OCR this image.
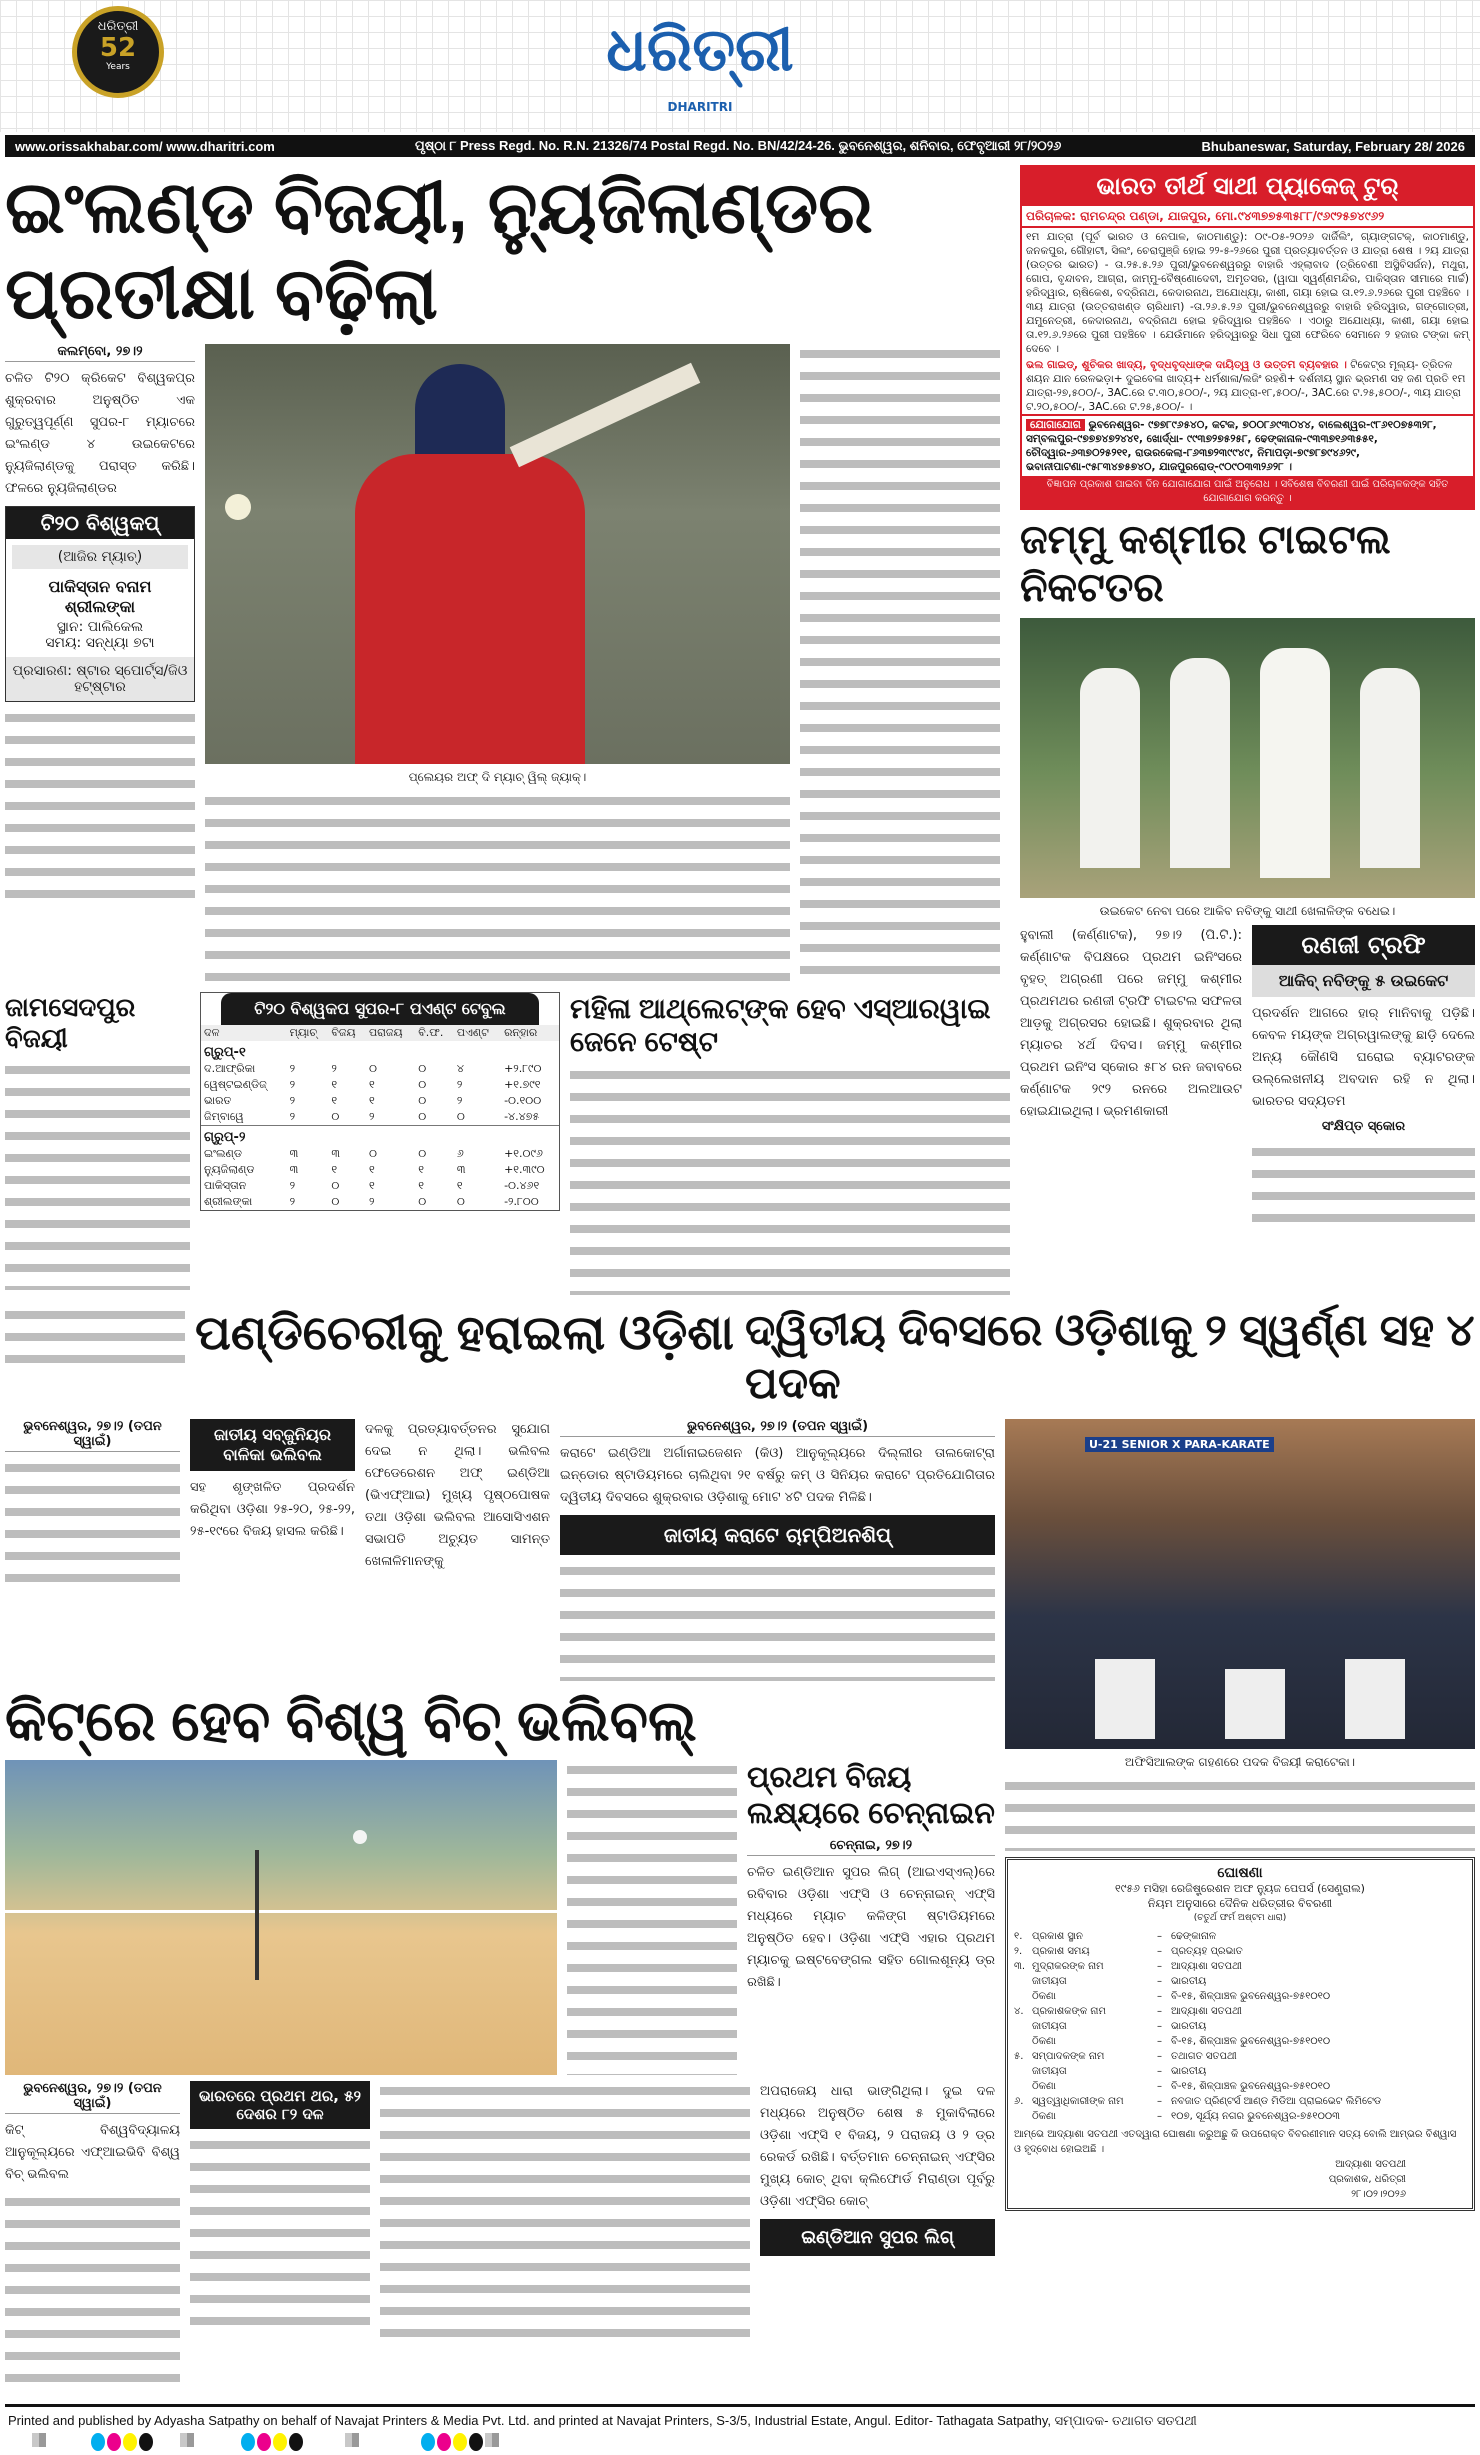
ଧରିତ୍ରୀ
52
Years	ଧରିତ୍ରୀ
DHARITRI
www.orissakhabar.com/ www.dharitri.com	ପୃଷ୍ଠା ୮ Press Regd. No. R.N. 21326/74 Postal Regd. No. BN/42/24-26. ଭୁବନେଶ୍ୱର, ଶନିବାର, ଫେବୃଆରୀ ୨୮/୨୦୨୬	Bhubaneswar, Saturday, February 28/ 2026
ଇଂଲଣ୍ଡ ବିଜୟୀ, ନ୍ୟୁଜିଲାଣ୍ଡର ପ୍ରତୀକ୍ଷା ବଢ଼ିଲା
କଲମ୍ବୋ, ୨୭।୨
ଚଳିତ ଟି୨୦ କ୍ରିକେଟ ବିଶ୍ୱକପ୍‌ର ଶୁକ୍ରବାର ଅନୁଷ୍ଠିତ ଏକ ଗୁରୁତ୍ୱପୂର୍ଣ୍ଣ ସୁପର-୮ ମ୍ୟାଚରେ ଇଂଲଣ୍ଡ ୪ ଉଇକେଟରେ ନ୍ୟୁଜିଲାଣ୍ଡକୁ ପରାସ୍ତ କରିଛି। ଫଳରେ ନ୍ୟୁଜିଲାଣ୍ଡର
ଟି୨୦ ବିଶ୍ୱକପ୍
(ଆଜିର ମ୍ୟାଚ୍)
ପାକିସ୍ତାନ ବନାମ ଶ୍ରୀଲଙ୍କା
ସ୍ଥାନ: ପାଲିକେଲ
ସମୟ: ସନ୍ଧ୍ୟା ୭ଟା
ପ୍ରସାରଣ: ଷ୍ଟାର ସ୍ପୋର୍ଟ୍ସ/ଜିଓ ହଟ୍‌ଷ୍ଟାର
ପ୍ଲେୟର ଅଫ୍ ଦି ମ୍ୟାଚ୍ ୱିଲ୍ ଜ୍ୟାକ୍।
ଜାମସେଦପୁର ବିଜୟୀ
ଟି୨୦ ବିଶ୍ୱକପ ସୁପର-୮ ପଏଣ୍ଟ ଟେବୁଲ
ଦଳ	ମ୍ୟାଚ୍	ବିଜୟ	ପରାଜୟ	ବି.ଫ.	ପଏଣ୍ଟ	ରନ୍‌ହାର
ଗ୍ରୁପ୍-୧						
ଦ.ଆଫ୍ରିକା	୨	୨	୦	୦	୪	+୨.୮୯୦
ୱେଷ୍ଟଇଣ୍ଡିଜ୍	୨	୧	୧	୦	୨	+୧.୭୯୧
ଭାରତ	୨	୧	୧	୦	୨	-୦.୧୦୦
ଜିମ୍ବାୱେ	୨	୦	୨	୦	୦	-୪.୪୭୫
ଗ୍ରୁପ୍-୨						
ଇଂଲଣ୍ଡ	୩	୩	୦	୦	୬	+୧.୦୯୬
ନ୍ୟୁଜିଲାଣ୍ଡ	୩	୧	୧	୧	୩	+୧.୩୯୦
ପାକିସ୍ତାନ	୨	୦	୧	୧	୧	-୦.୪୬୧
ଶ୍ରୀଲଙ୍କା	୨	୦	୨	୦	୦	-୨.୮୦୦
ମହିଳା ଆଥ୍‌ଲେଟ୍‌ଙ୍କ ହେବ ଏସ୍‌ଆରୱାଇ ଜେନେ ଟେଷ୍ଟ
ଭାରତ ତୀର୍ଥ ସାଥୀ ପ୍ୟାକେଜ୍ ଟୁର୍
ପରିଚାଳକ: ରାମଚନ୍ଦ୍ର ପଣ୍ଡା, ଯାଜପୁର, ମୋ.୯୪୩୭୭୫୩୫୮୮/୯୬୯୨୫୭୪୯୬୨
୧ମ ଯାତ୍ରା (ପୂର୍ବ ଭାରତ ଓ ନେପାଳ, କାଠମାଣ୍ଡୁ): ୦୯-୦୫-୨୦୨୬ ଦାର୍ଜିଲିଂ, ଗ୍ୟାଙ୍ଗଟକ୍, କାଠମାଣ୍ଡୁ, ଜନକପୁର, ଗୌହାଟୀ, ସିଲଂ, ଚେରାପୁଞ୍ଜି ହୋଇ ୨୨-୫-୨୬ରେ ପୁରୀ ପ୍ରତ୍ୟାବର୍ତ୍ତନ ଓ ଯାତ୍ରା ଶେଷ । ୨ୟ ଯାତ୍ରା (ଉତ୍ତର ଭାରତ) - ତା.୨୫.୫.୨୬ ପୁରୀ/ଭୁବନେଶ୍ୱରରୁ ବାହାରି ଏହ୍ଲାବାଦ (ତ୍ରିବେଣୀ ଅସ୍ଥିବିସର୍ଜନ), ମଥୁରା, ଗୋପ, ବୃନ୍ଦାବନ, ଆଗ୍ରା, ଜାମ୍ମୁ-ବୈଷ୍ଣୋଦେବୀ, ଅମୃତସର, (ୱାଘା ସ୍ୱର୍ଣ୍ଣମନ୍ଦିର, ପାକିସ୍ତାନ ସୀମାରେ ମାର୍ଚ୍ଚ) ହରିଦ୍ୱାର, ଋଷିକେଶ, ବଦ୍ରିନାଥ, କେଦାରନାଥ, ଅଯୋଧ୍ୟା, କାଶୀ, ଗୟା ହୋଇ ତା.୧୨.୬.୨୬ରେ ପୁରୀ ପହଞ୍ଚିବେ । ୩ୟ ଯାତ୍ରା (ଉତ୍ତରାଖଣ୍ଡ ଚାରିଧାମ) -ତା.୨୬.୫.୨୬ ପୁରୀ/ଭୁବନେଶ୍ୱରରୁ ବାହାରି ହରିଦ୍ୱାର, ଗଙ୍ଗୋତ୍ରୀ, ଯମୁନେତ୍ରୀ, କେଦାରନାଥ, ବଦ୍ରିନାଥ ହୋଇ ହରିଦ୍ୱାର ପହଞ୍ଚିବେ । ଏଠାରୁ ଅଯୋଧ୍ୟା, କାଶୀ, ଗୟା ହୋଇ ତା.୧୨.୬.୨୬ରେ ପୁରୀ ପହଞ୍ଚିବେ । ଯେଉଁମାନେ ହରିଦ୍ୱାରରୁ ସିଧା ପୁରୀ ଫେରିବେ ସେମାନେ ୨ ହଜାର ଟଙ୍କା କମ୍ ଦେବେ ।
ଭଲ ଗାଇଡ୍, ଶୁଚିକର ଖାଦ୍ୟ, ବୃଦ୍ଧବୃଦ୍ଧାଙ୍କ ଦାୟିତ୍ୱ ଓ ଉତ୍ତମ ବ୍ୟବହାର । ଟିକେଟ୍‌ର ମୂଲ୍ୟ- ତ୍ରିତଳ ଶୟନ ଯାନ ରେଳଭଡ଼ା+ ଦୁଇବେଳା ଖାଦ୍ୟ+ ଧର୍ମଶାଳା/ଲଜିଂ ରହଣି+ ଦର୍ଶନୀୟ ସ୍ଥାନ ଭ୍ରମଣ ସହ ଜଣ ପ୍ରତି ୧ମ ଯାତ୍ରା-୨୭,୫୦୦/-, 3AC.ରେ ଟ.୩୦,୫୦୦/-, ୨ୟ ଯାତ୍ରା-୧୮,୫୦୦/-, 3AC.ରେ ଟ.୨୫,୫୦୦/-, ୩ୟ ଯାତ୍ରା ଟ.୨୦,୫୦୦/-, 3AC.ରେ ଟ.୨୫,୫୦୦/- ।
ଯୋଗାଯୋଗ ଭୁବନେଶ୍ୱର- ୯୭୭୮୯୬୫୪୦, କଟକ, ୭୦୦୮୬୯୩୦୪୪, ବାଲେଶ୍ୱର-୯୮୬୧୦୭୫୩୨୮, ସମ୍ବଲପୁର-୯୭୭୭୪୭୨୪୪୧, ଖୋର୍ଦ୍ଧା- ୯୯୩୭୨୭୫୨୫୮, ଢେଙ୍କାନାଳ-୯୩୩୭୧୬୩୫୫୧, ଚୌଦ୍ୱାର-୬୩୭୦୨୫୨୧୧, ରାଉରକେଲା-୮୬୩୭୨୩୯୯୪୯, ନିମାପଡ଼ା-୭୯୭୮୭୯୪୬୨୯, ଭବାନୀପାଟଣା-୯୫୮୩୪୭୫୭୪୦, ଯାଜପୁରରୋଡ୍-୯୦୯୦୩୩୨୬୨୮ ।
ବିଜ୍ଞାପନ ପ୍ରକାଶ ପାଇବା ଦିନ ଯୋଗାଯୋଗ ପାଇଁ ଅନୁରୋଧ । ସବିଶେଷ ବିବରଣୀ ପାଇଁ ପରିଚାଳକଙ୍କ ସହିତ ଯୋଗାଯୋଗ କରନ୍ତୁ ।
ଜମ୍ମୁ କଶ୍ମୀର ଟାଇଟଲ ନିକଟତର
ଉଇକେଟ ନେବା ପରେ ଆକିବ ନବିଙ୍କୁ ସାଥୀ ଖେଳାଳିଙ୍କ ବଧେଇ।
ହୁବାଲୀ (କର୍ଣ୍ଣାଟକ), ୨୭।୨ (ପି.ଟି.): କର୍ଣ୍ଣାଟକ ବିପକ୍ଷରେ ପ୍ରଥମ ଇନିଂସରେ ବୃହତ୍ ଅଗ୍ରଣୀ ପରେ ଜମ୍ମୁ କଶ୍ମୀର ପ୍ରଥମଥର ରଣଜୀ ଟ୍ରଫି ଟାଇଟଲ ସଫଳତା ଆଡ଼କୁ ଅଗ୍ରସର ହୋଇଛି। ଶୁକ୍ରବାର ଥିଲା ମ୍ୟାଚର ୪ର୍ଥ ଦିବସ। ଜମ୍ମୁ କଶ୍ମୀର ପ୍ରଥମ ଇନିଂସ ସ୍କୋର ୫୮୪ ରନ ଜବାବରେ କର୍ଣ୍ଣାଟକ ୨୯୨ ରନରେ ଅଲଆଉଟ ହୋଇଯାଇଥିଲା। ଭ୍ରମଣକାରୀ
ରଣଜୀ ଟ୍ରଫି
ଆକିବ୍ ନବିଙ୍କୁ ୫ ଉଇକେଟ
ପ୍ରଦର୍ଶନ ଆଗରେ ହାର୍ ମାନିବାକୁ ପଡ଼ିଛି। କେବଳ ମୟଙ୍କ ଅଗ୍ରୱାଲଙ୍କୁ ଛାଡ଼ି ଦେଲେ ଅନ୍ୟ କୌଣସି ଘରୋଇ ବ୍ୟାଟରଙ୍କ ଉଲ୍ଲେଖନୀୟ ଅବଦାନ ରହି ନ ଥିଲା। ଭାରତର ସଦ୍ୟତମ
ସଂକ୍ଷିପ୍ତ ସ୍କୋର
ପଣ୍ଡିଚେରୀକୁ ହରାଇଲା ଓଡ଼ିଶା ଦ୍ୱିତୀୟ ଦିବସରେ ଓଡ଼ିଶାକୁ ୨ ସ୍ୱର୍ଣ୍ଣ ସହ ୪ ପଦକ
ଭୁବନେଶ୍ୱର, ୨୭।୨ (ତପନ ସ୍ୱାଇଁ)	ଜାତୀୟ ସବ୍‌ଜୁନିୟର ବାଳିକା ଭଲିବଲ
ସହ ଶୃଙ୍ଖଳିତ ପ୍ରଦର୍ଶନ କରିଥିବା ଓଡ଼ିଶା ୨୫-୨୦, ୨୫-୨୨, ୨୫-୧୯ରେ ବିଜୟ ହାସଲ କରିଛି।
ଦଳକୁ ପ୍ରତ୍ୟାବର୍ତ୍ତନର ସୁଯୋଗ ଦେଇ ନ ଥିଲା। ଭଲିବଲ ଫେଡେରେଶନ ଅଫ୍ ଇଣ୍ଡିଆ (ଭିଏଫ୍‌ଆଇ) ମୁଖ୍ୟ ପୃଷ୍ଠପୋଷକ ତଥା ଓଡ଼ିଶା ଭଲିବଲ ଆସୋସିଏଶନ ସଭାପତି ଅଚ୍ୟୁତ ସାମନ୍ତ ଖେଳାଳିମାନଙ୍କୁ
ଭୁବନେଶ୍ୱର, ୨୭।୨ (ତପନ ସ୍ୱାଇଁ)
କରାଟେ ଇଣ୍ଡିଆ ଅର୍ଗାନାଇଜେଶନ (କିଓ) ଆନୁକୂଲ୍ୟରେ ଦିଲ୍ଲୀର ତାଲକୋଟ୍‌ରା ଇନ୍‌ଡୋର ଷ୍ଟାଡିୟମରେ ଚାଲିଥିବା ୨୧ ବର୍ଷରୁ କମ୍ ଓ ସିନିୟର କରାଟେ ପ୍ରତିଯୋଗିତାର ଦ୍ୱିତୀୟ ଦିବସରେ ଶୁକ୍ରବାର ଓଡ଼ିଶାକୁ ମୋଟ ୪ଟି ପଦକ ମିଳିଛି।
ଜାତୀୟ କରାଟେ ଚାମ୍ପିଅନଶିପ୍
କିଟ୍‌ରେ ହେବ ବିଶ୍ୱ ବିଚ୍ ଭଲିବଲ୍
ପ୍ରଥମ ବିଜୟ ଲକ୍ଷ୍ୟରେ ଚେନ୍ନାଇନ
ଚେନ୍ନାଇ, ୨୭।୨
ଚଳିତ ଇଣ୍ଡିଆନ ସୁପର ଲିଗ୍ (ଆଇଏସ୍‌ଏଲ୍)ରେ ରବିବାର ଓଡ଼ିଶା ଏଫ୍‌ସି ଓ ଚେନ୍ନାଇନ୍ ଏଫ୍‌ସି ମଧ୍ୟରେ ମ୍ୟାଚ କଳିଙ୍ଗ ଷ୍ଟାଡିୟମରେ ଅନୁଷ୍ଠିତ ହେବ। ଓଡ଼ିଶା ଏଫ୍‌ସି ଏହାର ପ୍ରଥମ ମ୍ୟାଚକୁ ଇଷ୍ଟବେଙ୍ଗଲ ସହିତ ଗୋଲଶୂନ୍ୟ ଡ୍ର ରଖିଛି।
ଭୁବନେଶ୍ୱର, ୨୭।୨ (ତପନ ସ୍ୱାଇଁ)
କିଟ୍ ବିଶ୍ୱବିଦ୍ୟାଳୟ ଆନୁକୂଲ୍ୟରେ ଏଫ୍‌ଆଇଭିବି ବିଶ୍ୱ ବିଚ୍ ଭଲିବଲ
ଭାରତରେ ପ୍ରଥମ ଥର, ୫୨ ଦେଶର ୮୨ ଦଳ
ଅପରାଜେୟ ଧାରା ଭାଙ୍ଗିଥିଲା। ଦୁଇ ଦଳ ମଧ୍ୟରେ ଅନୁଷ୍ଠିତ ଶେଷ ୫ ମୁକାବିଲାରେ ଓଡ଼ିଶା ଏଫ୍‌ସି ୧ ବିଜୟ, ୨ ପରାଜୟ ଓ ୨ ଡ୍ର ରେକର୍ଡ ରଖିଛି। ବର୍ତ୍ତମାନ ଚେନ୍ନାଇନ୍ ଏଫ୍‌ସିର ମୁଖ୍ୟ କୋଚ୍ ଥିବା କ୍ଲିଫୋର୍ଡ ମିରାଣ୍ଡା ପୂର୍ବରୁ ଓଡ଼ିଶା ଏଫ୍‌ସିର କୋଚ୍
ଇଣ୍ଡିଆନ ସୁପର ଲିଗ୍
U-21 SENIOR X PARA-KARATE
ଅଫିସିଆଲଙ୍କ ଗହଣରେ ପଦକ ବିଜୟୀ କରାଟେକା।
ଘୋଷଣା
୧୯୫୬ ମସିହା ରେଜିଷ୍ଟ୍ରେଶନ ଅଫ ନ୍ୟୁଜ ପେପର୍ସ (ସେଣ୍ଟ୍ରାଲ)
ନିୟମ ଅନୁସାରେ ଦୈନିକ ଧରିତ୍ରୀର ବିବରଣୀ
(ଚତୁର୍ଥ ଫର୍ମ ଅଷ୍ଟମ ଧାରା)
୧. ପ୍ରକାଶ ସ୍ଥାନ	– ଢେଙ୍କାନାଳ
୨. ପ୍ରକାଶ ସମୟ	– ପ୍ରତ୍ୟହ ପ୍ରଭାତ
୩. ମୁଦ୍ରାକରଙ୍କ ନାମ	– ଆଦ୍ୟାଶା ସତପଥୀ
ଜାତୀୟତା	– ଭାରତୀୟ
ଠିକଣା	– ବି-୧୫, ଶିଳ୍ପାଞ୍ଚଳ ଭୁବନେଶ୍ୱର-୭୫୧୦୧୦
୪. ପ୍ରକାଶକଙ୍କ ନାମ	– ଆଦ୍ୟାଶା ସତପଥୀ
ଜାତୀୟତା	– ଭାରତୀୟ
ଠିକଣା	– ବି-୧୫, ଶିଳ୍ପାଞ୍ଚଳ ଭୁବନେଶ୍ୱର-୭୫୧୦୧୦
୫. ସମ୍ପାଦକଙ୍କ ନାମ	– ତଥାଗତ ସତପଥୀ
ଜାତୀୟତା	– ଭାରତୀୟ
ଠିକଣା	– ବି-୧୫, ଶିଳ୍ପାଞ୍ଚଳ ଭୁବନେଶ୍ୱର-୭୫୧୦୧୦
୬. ସ୍ୱତ୍ୱାଧିକାରୀଙ୍କ ନାମ	– ନବଜାତ ପ୍ରିଣ୍ଟର୍ସ ଆଣ୍ଡ ମିଡିଆ ପ୍ରାଇଭେଟ ଲିମିଟେଡ
ଠିକଣା	– ୧୦୭, ସୂର୍ଯ୍ୟ ନଗର ଭୁବନେଶ୍ୱର-୭୫୧୦୦୩
ଆମ୍ଭେ ଆଦ୍ୟାଶା ସତପଥୀ ଏତଦ୍ୱାରା ଘୋଷଣା କରୁଅଛୁ କି ଉପରୋକ୍ତ ବିବରଣୀମାନ ସତ୍ୟ ବୋଲି ଆମ୍ଭର ବିଶ୍ୱାସ ଓ ହୃଦ୍‌ବୋଧ ହୋଇଅଛି ।
ଆଦ୍ୟାଶା ସତପଥୀ
ପ୍ରକାଶକ, ଧରିତ୍ରୀ
୨୮।୦୨।୨୦୨୬
Printed and published by Adyasha Satpathy on behalf of Navajat Printers & Media Pvt. Ltd. and printed at Navajat Printers, S-3/5, Industrial Estate, Angul. Editor- Tathagata Satpathy, ସମ୍ପାଦକ- ତଥାଗତ ସତପଥୀ
